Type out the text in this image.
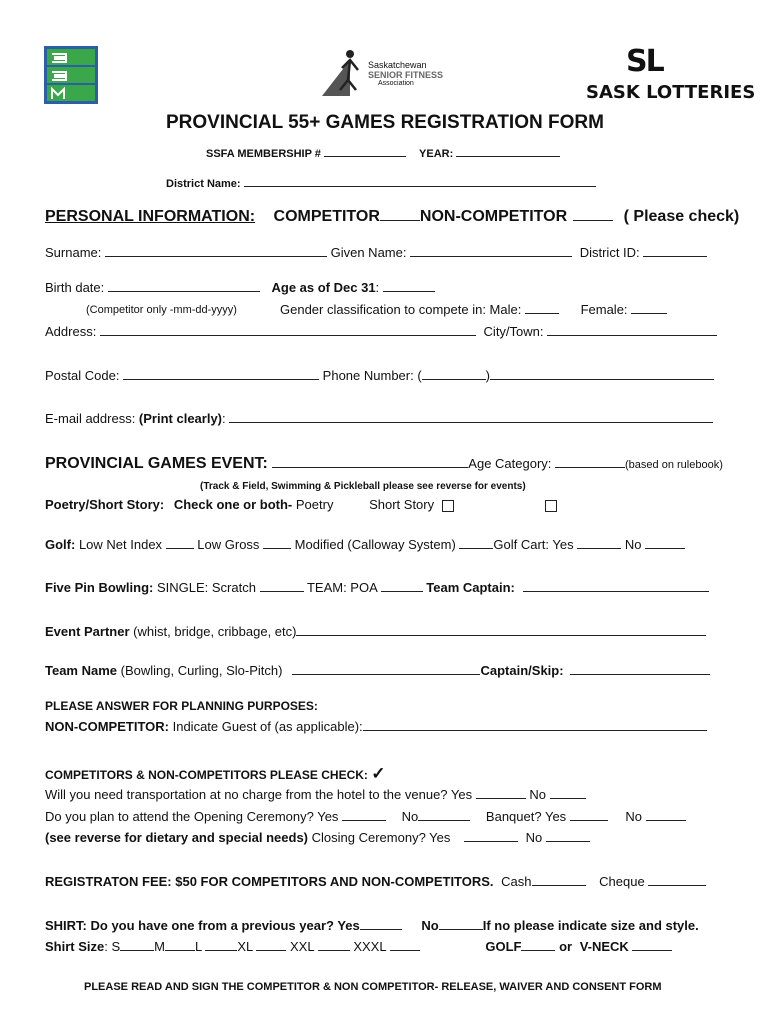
Saskatchewan
SENIOR FITNESS
Association
SL
SASK LOTTERIES
PROVINCIAL 55+ GAMES REGISTRATION FORM
SSFA MEMBERSHIP #	YEAR:
District Name:
PERSONAL INFORMATION: COMPETITOR	NON-COMPETITOR	( Please check)
Surname:	Given Name:	District ID:
Birth date:	Age as of Dec 31:
(Competitor only -mm-dd-yyyy)	Gender classification to compete in: Male:	Female:
Address:	City/Town:
Postal Code:	Phone Number: (	)
E-mail address: (Print clearly):
PROVINCIAL GAMES EVENT:	Age Category:	(based on rulebook)
(Track & Field, Swimming & Pickleball please see reverse for events)
Poetry/Short Story: Check one or both- Poetry	Short Story
Golf: Low Net Index  Low Gross  Modified (Calloway System)	Golf Cart: Yes	No
Five Pin Bowling: SINGLE: Scratch	TEAM: POA	Team Captain:
Event Partner (whist, bridge, cribbage, etc)
Team Name (Bowling, Curling, Slo-Pitch)	Captain/Skip:
PLEASE ANSWER FOR PLANNING PURPOSES:
NON-COMPETITOR: Indicate Guest of (as applicable):
COMPETITORS & NON-COMPETITORS PLEASE CHECK: ✓
Will you need transportation at no charge from the hotel to the venue? Yes	No
Do you plan to attend the Opening Ceremony? Yes	No	Banquet? Yes	No
(see reverse for dietary and special needs) Closing Ceremony? Yes	No
REGISTRATON FEE: $50 FOR COMPETITORS AND NON-COMPETITORS. Cash	Cheque
SHIRT: Do you have one from a previous year? Yes	No	If no please indicate size and style.
Shirt Size: S	M L XL	XXL	XXXL	GOLF	or V-NECK
PLEASE READ AND SIGN THE COMPETITOR & NON COMPETITOR- RELEASE, WAIVER AND CONSENT FORM
